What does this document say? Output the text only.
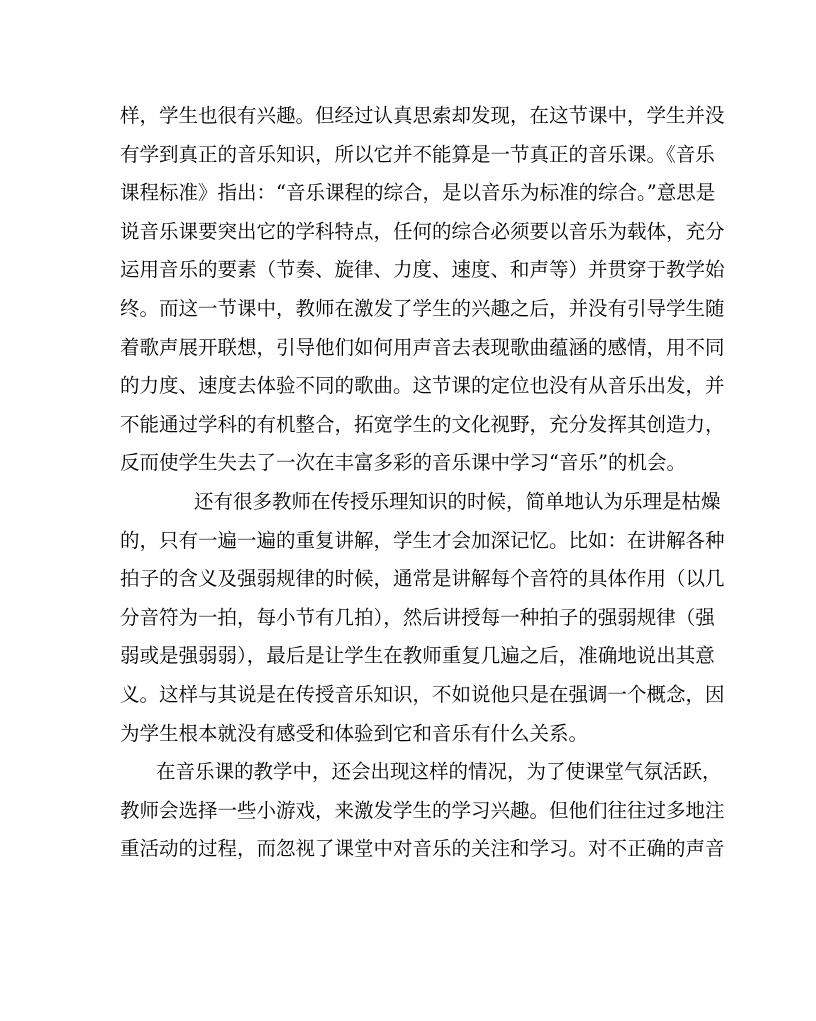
样，学生也很有兴趣。但经过认真思索却发现，在这节课中，学生并没
有学到真正的音乐知识，所以它并不能算是一节真正的音乐课。《音乐
课程标准》指出：“音乐课程的综合，是以音乐为标准的综合。”意思是
说音乐课要突出它的学科特点，任何的综合必须要以音乐为载体，充分
运用音乐的要素（节奏、旋律、力度、速度、和声等）并贯穿于教学始
终。而这一节课中，教师在激发了学生的兴趣之后，并没有引导学生随
着歌声展开联想，引导他们如何用声音去表现歌曲蕴涵的感情，用不同
的力度、速度去体验不同的歌曲。这节课的定位也没有从音乐出发，并
不能通过学科的有机整合，拓宽学生的文化视野，充分发挥其创造力，
反而使学生失去了一次在丰富多彩的音乐课中学习“音乐”的机会。
还有很多教师在传授乐理知识的时候，简单地认为乐理是枯燥
的，只有一遍一遍的重复讲解，学生才会加深记忆。比如：在讲解各种
拍子的含义及强弱规律的时候，通常是讲解每个音符的具体作用（以几
分音符为一拍，每小节有几拍），然后讲授每一种拍子的强弱规律（强
弱或是强弱弱），最后是让学生在教师重复几遍之后，准确地说出其意
义。这样与其说是在传授音乐知识，不如说他只是在强调一个概念，因
为学生根本就没有感受和体验到它和音乐有什么关系。
在音乐课的教学中，还会出现这样的情况，为了使课堂气氛活跃，
教师会选择一些小游戏，来激发学生的学习兴趣。但他们往往过多地注
重活动的过程，而忽视了课堂中对音乐的关注和学习。对不正确的声音
